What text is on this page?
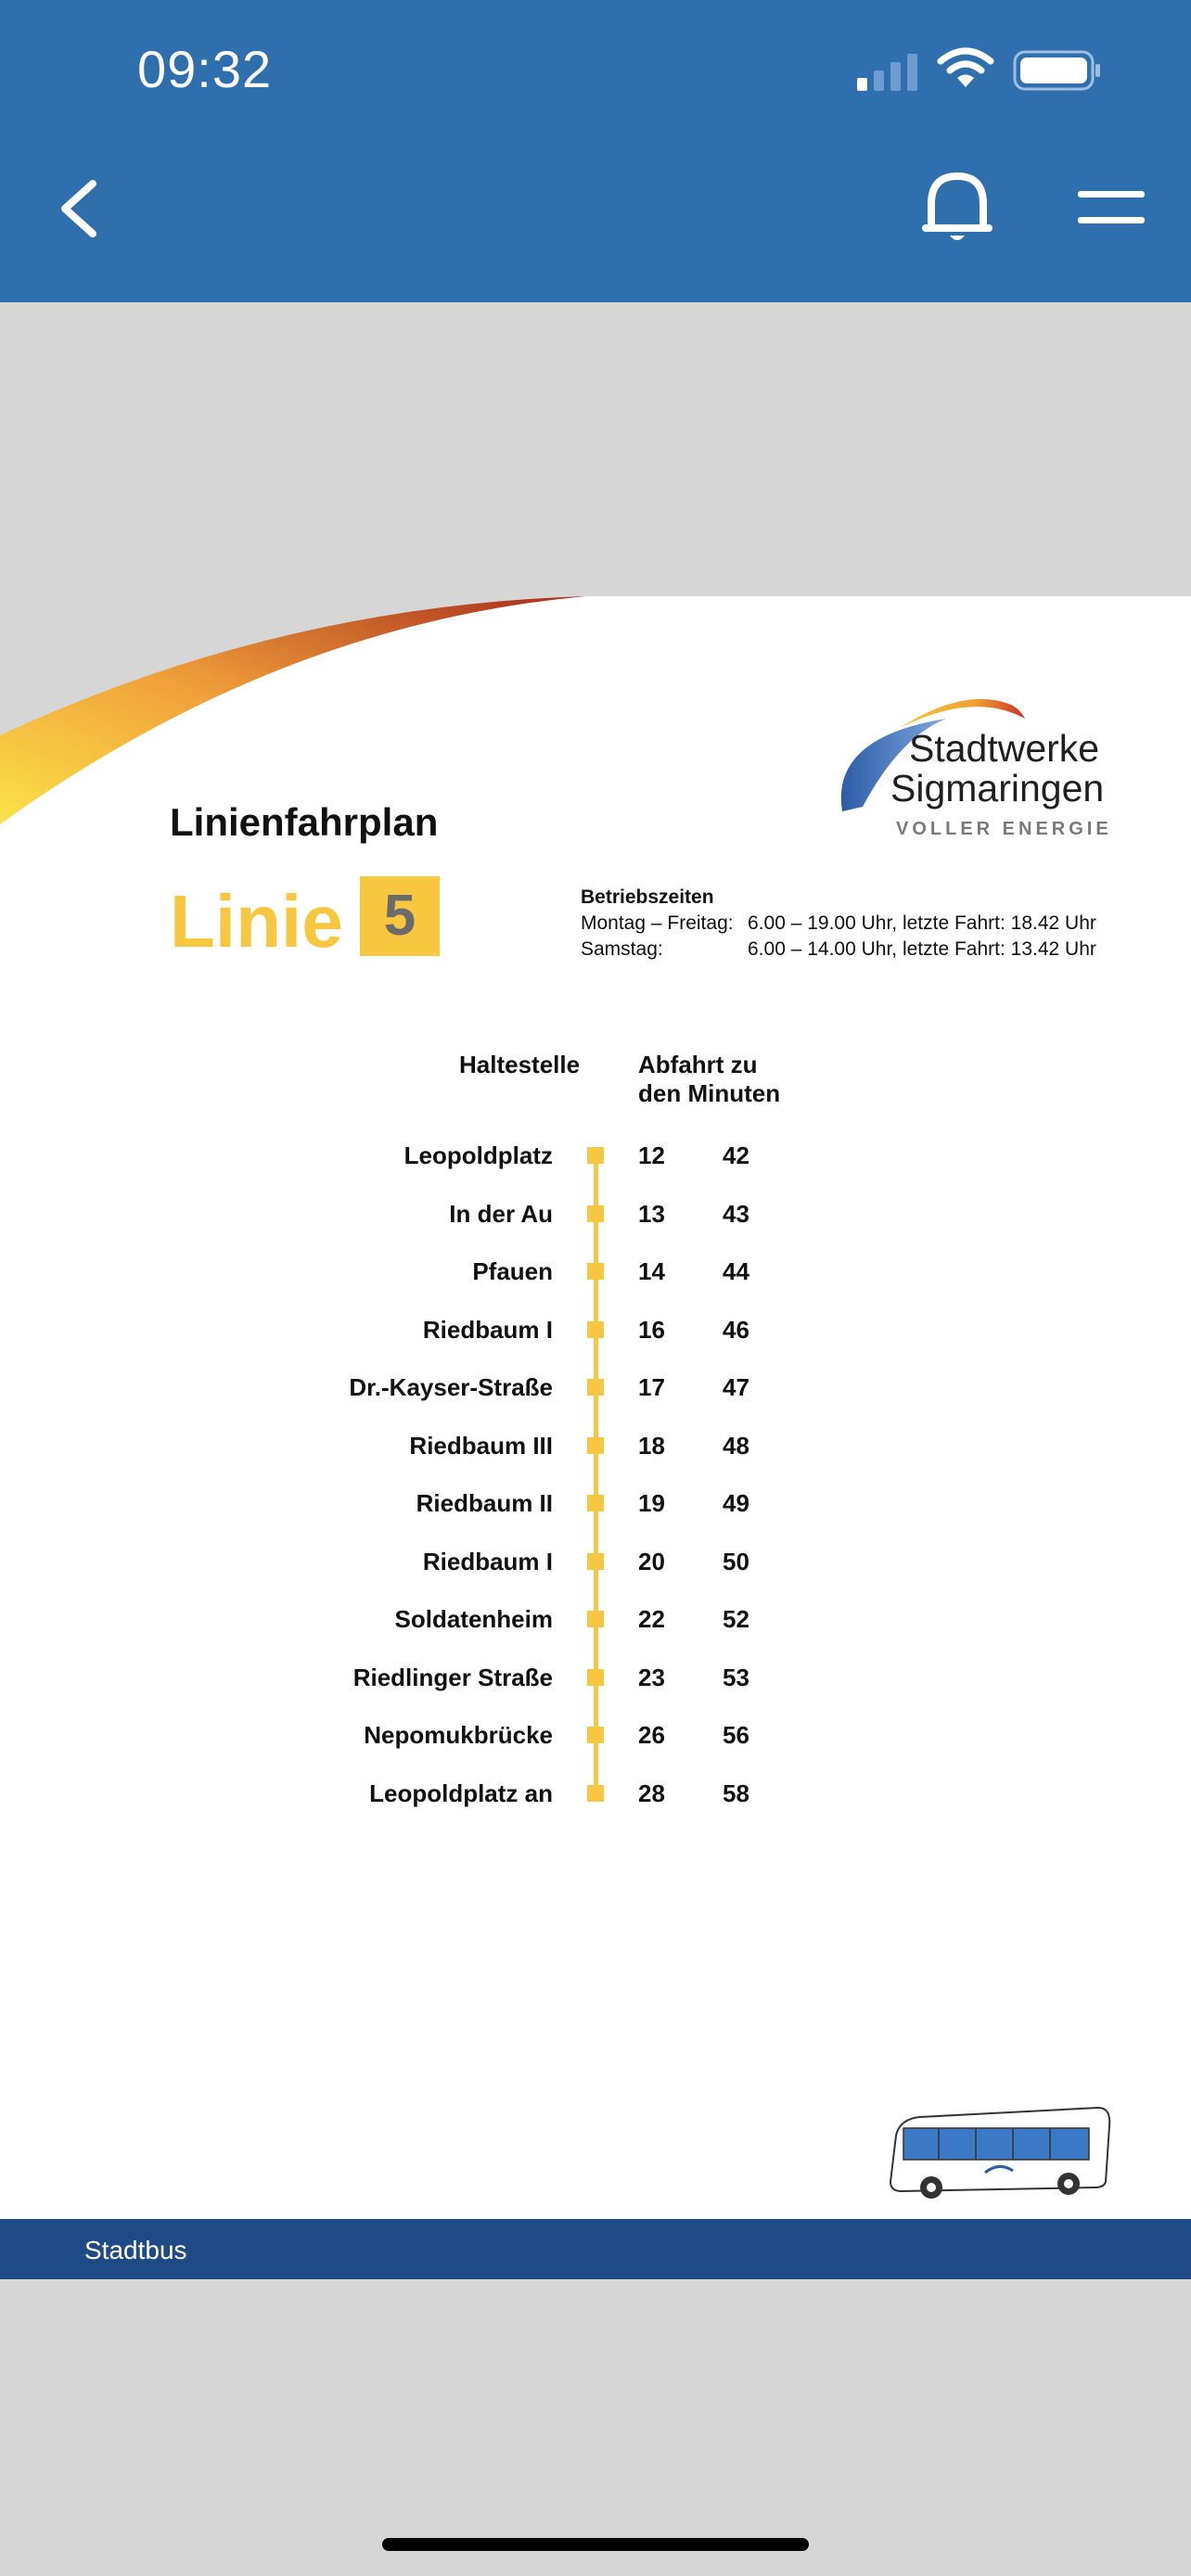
09:32
Stadtwerke
Sigmaringen
VOLLER ENERGIE
Linienfahrplan
Linie 5	Betriebszeiten
Montag – Freitag: 6.00 – 19.00 Uhr, letzte Fahrt: 18.42 Uhr
Samstag:	6.00 – 14.00 Uhr, letzte Fahrt: 13.42 Uhr
Haltestelle Abfahrt zu
den Minuten
Leopoldplatz	12 42
In der Au	13 43
Pfauen	14 44
Riedbaum I	16 46
Dr.-Kayser-Straße	17 47
Riedbaum III	18 48
Riedbaum II	19 49
Riedbaum I	20 50
Soldatenheim	22 52
Riedlinger Straße	23 53
Nepomukbrücke	26 56
Leopoldplatz an	28 58
Stadtbus
